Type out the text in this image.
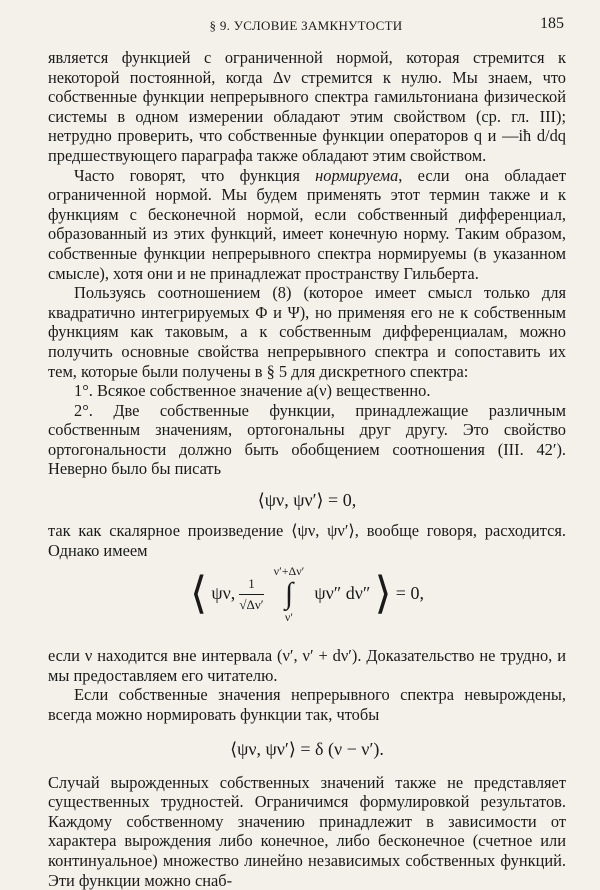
§ 9. УСЛОВИЕ ЗАМКНУТОСТИ	185

является функцией с ограниченной нормой, которая стремится к некоторой постоянной, когда Δν стремится к нулю. Мы знаем, что собственные функции непрерывного спектра гамильтониана физической системы в одном измерении обладают этим свойством (ср. гл. III); нетрудно проверить, что собственные функции операторов q и —iħ d/dq предшествующего параграфа также обладают этим свойством.

Часто говорят, что функция нормируема, если она обладает ограниченной нормой. Мы будем применять этот термин также и к функциям с бесконечной нормой, если собственный дифференциал, образованный из этих функций, имеет конечную норму. Таким образом, собственные функции непрерывного спектра нормируемы (в указанном смысле), хотя они и не принадлежат пространству Гильберта.

Пользуясь соотношением (8) (которое имеет смысл только для квадратично интегрируемых Φ и Ψ), но применяя его не к собственным функциям как таковым, а к собственным дифференциалам, можно получить основные свойства непрерывного спектра и сопоставить их тем, которые были получены в § 5 для дискретного спектра:

1°. Всякое собственное значение a(ν) вещественно.

2°. Две собственные функции, принадлежащие различным собственным значениям, ортогональны друг другу. Это свойство ортогональности должно быть обобщением соотношения (III. 42′). Неверно было бы писать

⟨ψν, ψν′⟩ = 0,

так как скалярное произведение ⟨ψν, ψν′⟩, вообще говоря, расходится. Однако имеем

⟨ ψν, $\frac{1}{√\Delta\nu'}$
ν′+Δν′
∫
ν′ ψν″ dν″ ⟩ = 0,

если ν находится вне интервала (ν′, ν′ + dν′). Доказательство не трудно, и мы предоставляем его читателю.

Если собственные значения непрерывного спектра невырождены, всегда можно нормировать функции так, чтобы

⟨ψν, ψν′⟩ = δ (ν − ν′).

Случай вырожденных собственных значений также не представляет существенных трудностей. Ограничимся формулировкой результатов. Каждому собственному значению принадлежит в зависимости от характера вырождения либо конечное, либо бесконечное (счетное или континуальное) множество линейно независимых собственных функций. Эти функции можно снаб-
